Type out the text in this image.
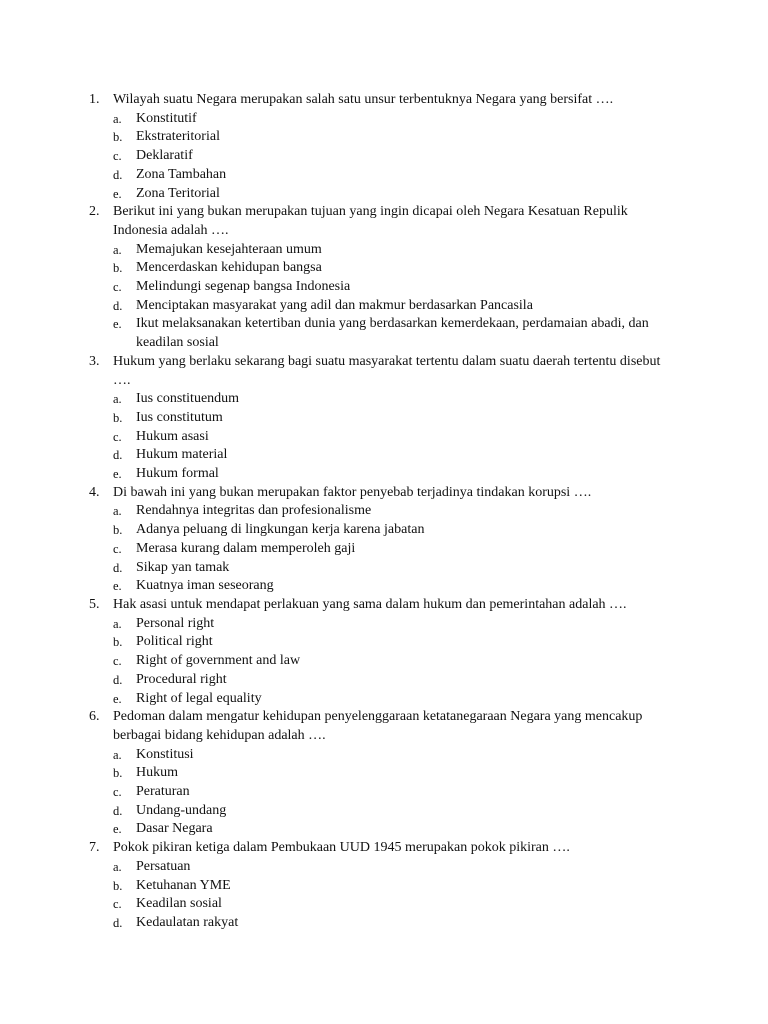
1. Wilayah suatu Negara merupakan salah satu unsur terbentuknya Negara yang bersifat ….
a. Konstitutif
b. Ekstrateritorial
c. Deklaratif
d. Zona Tambahan
e. Zona Teritorial
2. Berikut ini yang bukan merupakan tujuan yang ingin dicapai oleh Negara Kesatuan Repulik Indonesia adalah ….
a. Memajukan kesejahteraan umum
b. Mencerdaskan kehidupan bangsa
c. Melindungi segenap bangsa Indonesia
d. Menciptakan masyarakat yang adil dan makmur berdasarkan Pancasila
e. Ikut melaksanakan ketertiban dunia yang berdasarkan kemerdekaan, perdamaian abadi, dan keadilan sosial
3. Hukum yang berlaku sekarang bagi suatu masyarakat tertentu dalam suatu daerah tertentu disebut ….
a. Ius constituendum
b. Ius constitutum
c. Hukum asasi
d. Hukum material
e. Hukum formal
4. Di bawah ini yang bukan merupakan faktor penyebab terjadinya tindakan korupsi ….
a. Rendahnya integritas dan profesionalisme
b. Adanya peluang di lingkungan kerja karena jabatan
c. Merasa kurang dalam memperoleh gaji
d. Sikap yan tamak
e. Kuatnya iman seseorang
5. Hak asasi untuk mendapat perlakuan yang sama dalam hukum dan pemerintahan adalah ….
a. Personal right
b. Political right
c. Right of government and law
d. Procedural right
e. Right of legal equality
6. Pedoman dalam mengatur kehidupan penyelenggaraan ketatanegaraan Negara yang mencakup berbagai bidang kehidupan adalah ….
a. Konstitusi
b. Hukum
c. Peraturan
d. Undang-undang
e. Dasar Negara
7. Pokok pikiran ketiga dalam Pembukaan UUD 1945 merupakan pokok pikiran ….
a. Persatuan
b. Ketuhanan YME
c. Keadilan sosial
d. Kedaulatan rakyat
